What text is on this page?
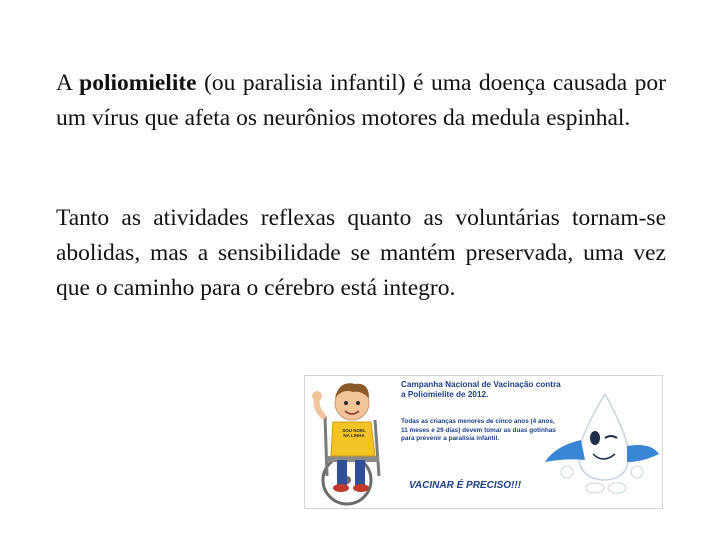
A poliomielite (ou paralisia infantil) é uma doença causada por um vírus que afeta os neurônios motores da medula espinhal.

Tanto as atividades reflexas quanto as voluntárias tornam-se abolidas, mas a sensibilidade se mantém preservada, uma vez que o caminho para o cérebro está integro.

SOU NOEL NA LINHA
Campanha Nacional de Vacinação contra a Poliomielite de 2012.
Todas as crianças menores de cinco anos (4 anos, 11 meses e 29 dias) devem tomar as duas gotinhas para prevenir a paralisia infantil.
VACINAR É PRECISO!!!
